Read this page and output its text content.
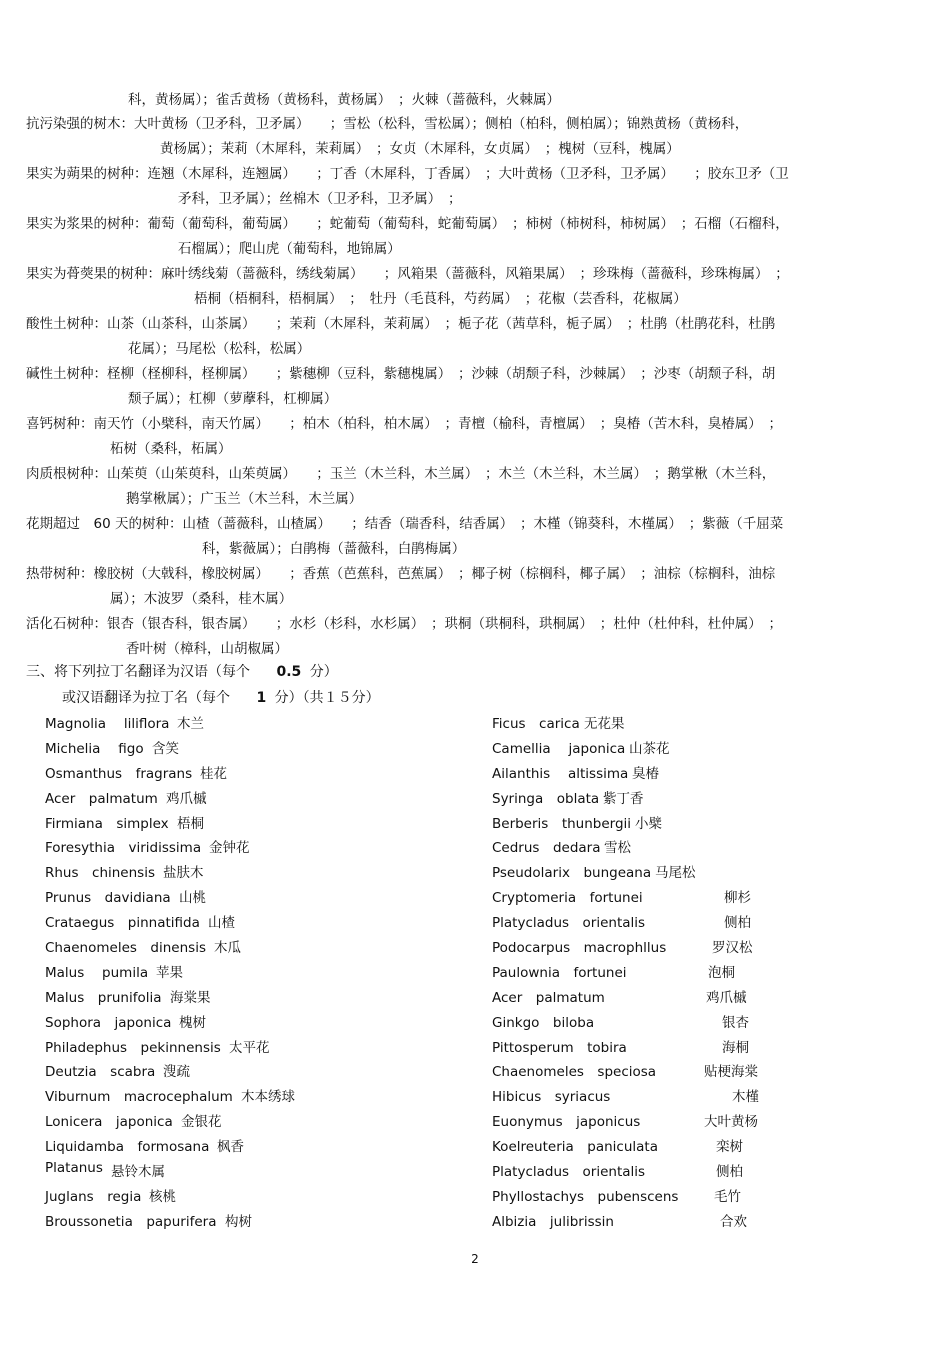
科，黄杨属）；雀舌黄杨（黄杨科，黄杨属）　；火棘（蔷薇科，火棘属）
抗污染强的树木：大叶黄杨（卫矛科，卫矛属）　　；雪松（松科，雪松属）；侧柏（柏科，侧柏属）；锦熟黄杨（黄杨科，
黄杨属）；茉莉（木犀科，茉莉属）　；女贞（木犀科，女贞属）　；槐树（豆科，槐属）
果实为蒴果的树种：连翘（木犀科，连翘属）　　；丁香（木犀科，丁香属）　；大叶黄杨（卫矛科，卫矛属）　　；胶东卫矛（卫
矛科，卫矛属）；丝棉木（卫矛科，卫矛属）　；
果实为浆果的树种：葡萄（葡萄科，葡萄属）　　；蛇葡萄（葡萄科，蛇葡萄属）　；柿树（柿树科，柿树属）　；石榴（石榴科，
石榴属）；爬山虎（葡萄科，地锦属）
果实为蓇葖果的树种：麻叶绣线菊（蔷薇科，绣线菊属）　　；风箱果（蔷薇科，风箱果属）　；珍珠梅（蔷薇科，珍珠梅属）　；
梧桐（梧桐科，梧桐属）　；　牡丹（毛茛科，芍药属）　；花椒（芸香科，花椒属）
酸性土树种：山茶（山茶科，山茶属）　　；茉莉（木犀科，茉莉属）　；栀子花（茜草科，栀子属）　；杜鹃（杜鹃花科，杜鹃
花属）；马尾松（松科，松属）
碱性土树种：柽柳（柽柳科，柽柳属）　　；紫穗柳（豆科，紫穗槐属）　；沙棘（胡颓子科，沙棘属）　；沙枣（胡颓子科，胡
颓子属）；杠柳（萝藦科，杠柳属）
喜钙树种：南天竹（小檗科，南天竹属）　　；柏木（柏科，柏木属）　；青檀（榆科，青檀属）　；臭椿（苦木科，臭椿属）　；
柘树（桑科，柘属）
肉质根树种：山茱萸（山茱萸科，山茱萸属）　　；玉兰（木兰科，木兰属）　；木兰（木兰科，木兰属）　；鹅掌楸（木兰科，
鹅掌楸属）；广玉兰（木兰科，木兰属）
花期超过　60 天的树种：山楂（蔷薇科，山楂属）　　；结香（瑞香科，结香属）　；木槿（锦葵科，木槿属）　；紫薇（千屈菜
科，紫薇属）；白鹃梅（蔷薇科，白鹃梅属）
热带树种：橡胶树（大戟科，橡胶树属）　　；香蕉（芭蕉科，芭蕉属）　；椰子树（棕榈科，椰子属）　；油棕（棕榈科，油棕
属）；木波罗（桑科，桂木属）
活化石树种：银杏（银杏科，银杏属）　　；水杉（杉科，水杉属）　；珙桐（珙桐科，珙桐属）　；杜仲（杜仲科，杜仲属）　；
香叶树（樟科，山胡椒属）
三、将下列拉丁名翻译为汉语（每个 0.5 分）
或汉语翻译为拉丁名（每个 1 分）（共１５分）
Magnolia　 liliflora 木兰
Michelia　 figo 含笑
Osmanthus　fragrans 桂花
Acer　palmatum 鸡爪槭
Firmiana　simplex 梧桐
Foresythia　viridissima 金钟花
Rhus　chinensis 盐肤木
Prunus　davidiana 山桃
Crataegus　pinnatifida 山楂
Chaenomeles　dinensis 木瓜
Malus　 pumila 苹果
Malus　prunifolia 海棠果
Sophora　japonica 槐树
Philadephus　pekinnensis 太平花
Deutzia　scabra 溲疏
Viburnum　macrocephalum 木本绣球
Lonicera　japonica 金银花
Liquidamba　formosana 枫香
Platanus 悬铃木属
Juglans　regia 核桃
Broussonetia　papurifera 构树
Ficus　carica 无花果
Camellia　 japonica 山茶花
Ailanthis　 altissima 臭椿
Syringa　oblata 紫丁香
Berberis　thunbergii 小檗
Cedrus　dedara 雪松
Pseudolarix　bungeana 马尾松
Cryptomeria　fortunei	柳杉
Platycladus　orientalis	侧柏
Podocarpus　macrophllus	罗汉松
Paulownia　fortunei	泡桐
Acer　palmatum	鸡爪槭
Ginkgo　biloba	银杏
Pittosperum　tobira	海桐
Chaenomeles　speciosa	贴梗海棠
Hibicus　syriacus	木槿
Euonymus　japonicus	大叶黄杨
Koelreuteria　paniculata	栾树
Platycladus　orientalis	侧柏
Phyllostachys　pubenscens	毛竹
Albizia　julibrissin	合欢
2
